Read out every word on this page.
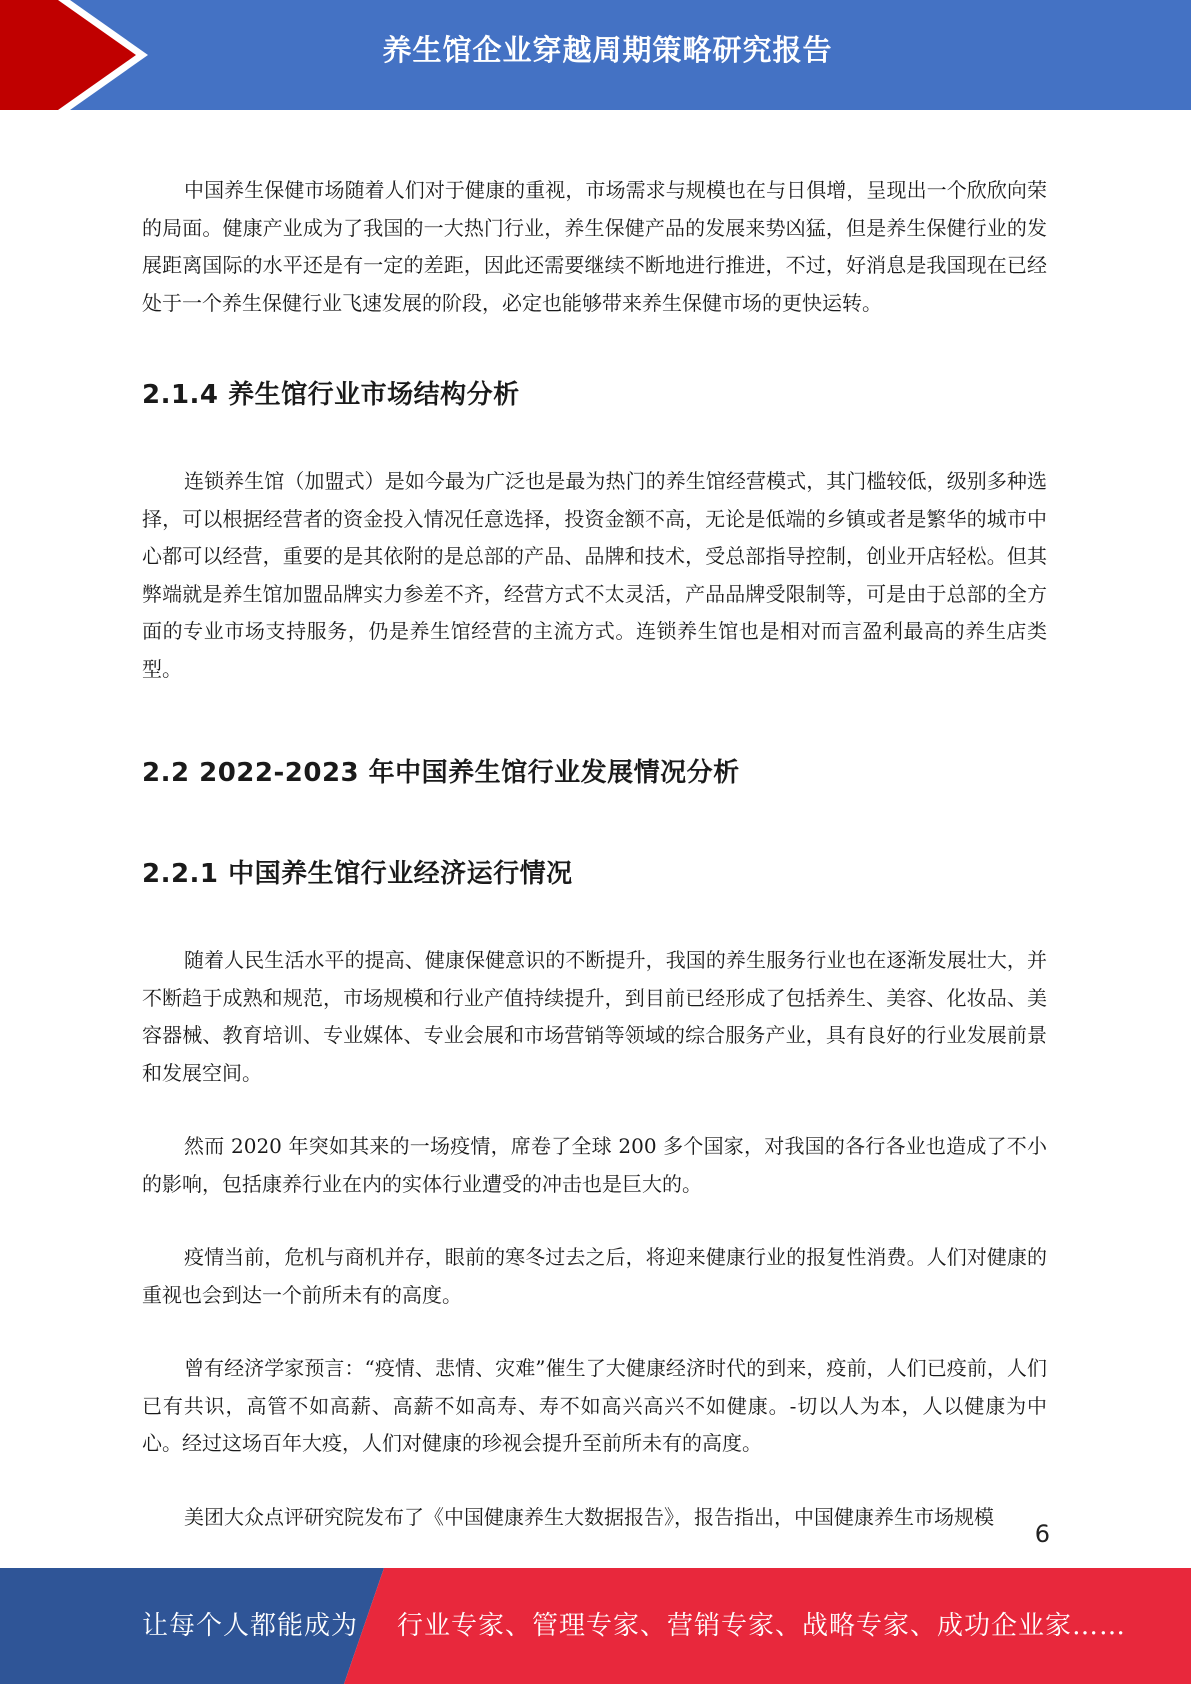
养生馆企业穿越周期策略研究报告

中国养生保健市场随着人们对于健康的重视，市场需求与规模也在与日俱增，呈现出一个欣欣向荣的局面。健康产业成为了我国的一大热门行业，养生保健产品的发展来势凶猛，但是养生保健行业的发展距离国际的水平还是有一定的差距，因此还需要继续不断地进行推进，不过，好消息是我国现在已经处于一个养生保健行业飞速发展的阶段，必定也能够带来养生保健市场的更快运转。

2.1.4 养生馆行业市场结构分析

连锁养生馆（加盟式）是如今最为广泛也是最为热门的养生馆经营模式，其门槛较低，级别多种选择，可以根据经营者的资金投入情况任意选择，投资金额不高，无论是低端的乡镇或者是繁华的城市中心都可以经营，重要的是其依附的是总部的产品、品牌和技术，受总部指导控制，创业开店轻松。但其弊端就是养生馆加盟品牌实力参差不齐，经营方式不太灵活，产品品牌受限制等，可是由于总部的全方面的专业市场支持服务，仍是养生馆经营的主流方式。连锁养生馆也是相对而言盈利最高的养生店类型。

2.2 2022-2023 年中国养生馆行业发展情况分析
2.2.1 中国养生馆行业经济运行情况

随着人民生活水平的提高、健康保健意识的不断提升，我国的养生服务行业也在逐渐发展壮大，并不断趋于成熟和规范，市场规模和行业产值持续提升，到目前已经形成了包括养生、美容、化妆品、美容器械、教育培训、专业媒体、专业会展和市场营销等领域的综合服务产业，具有良好的行业发展前景和发展空间。

然而 2020 年突如其来的一场疫情，席卷了全球 200 多个国家，对我国的各行各业也造成了不小的影响，包括康养行业在内的实体行业遭受的冲击也是巨大的。

疫情当前，危机与商机并存，眼前的寒冬过去之后，将迎来健康行业的报复性消费。人们对健康的重视也会到达一个前所未有的高度。

曾有经济学家预言：“疫情、悲情、灾难”催生了大健康经济时代的到来，疫前，人们已疫前，人们已有共识，高管不如高薪、高薪不如高寿、寿不如高兴高兴不如健康。-切以人为本，人以健康为中心。经过这场百年大疫，人们对健康的珍视会提升至前所未有的高度。

美团大众点评研究院发布了《中国健康养生大数据报告》，报告指出，中国健康养生市场规模

6
让每个人都能成为 行业专家、管理专家、营销专家、战略专家、成功企业家……
